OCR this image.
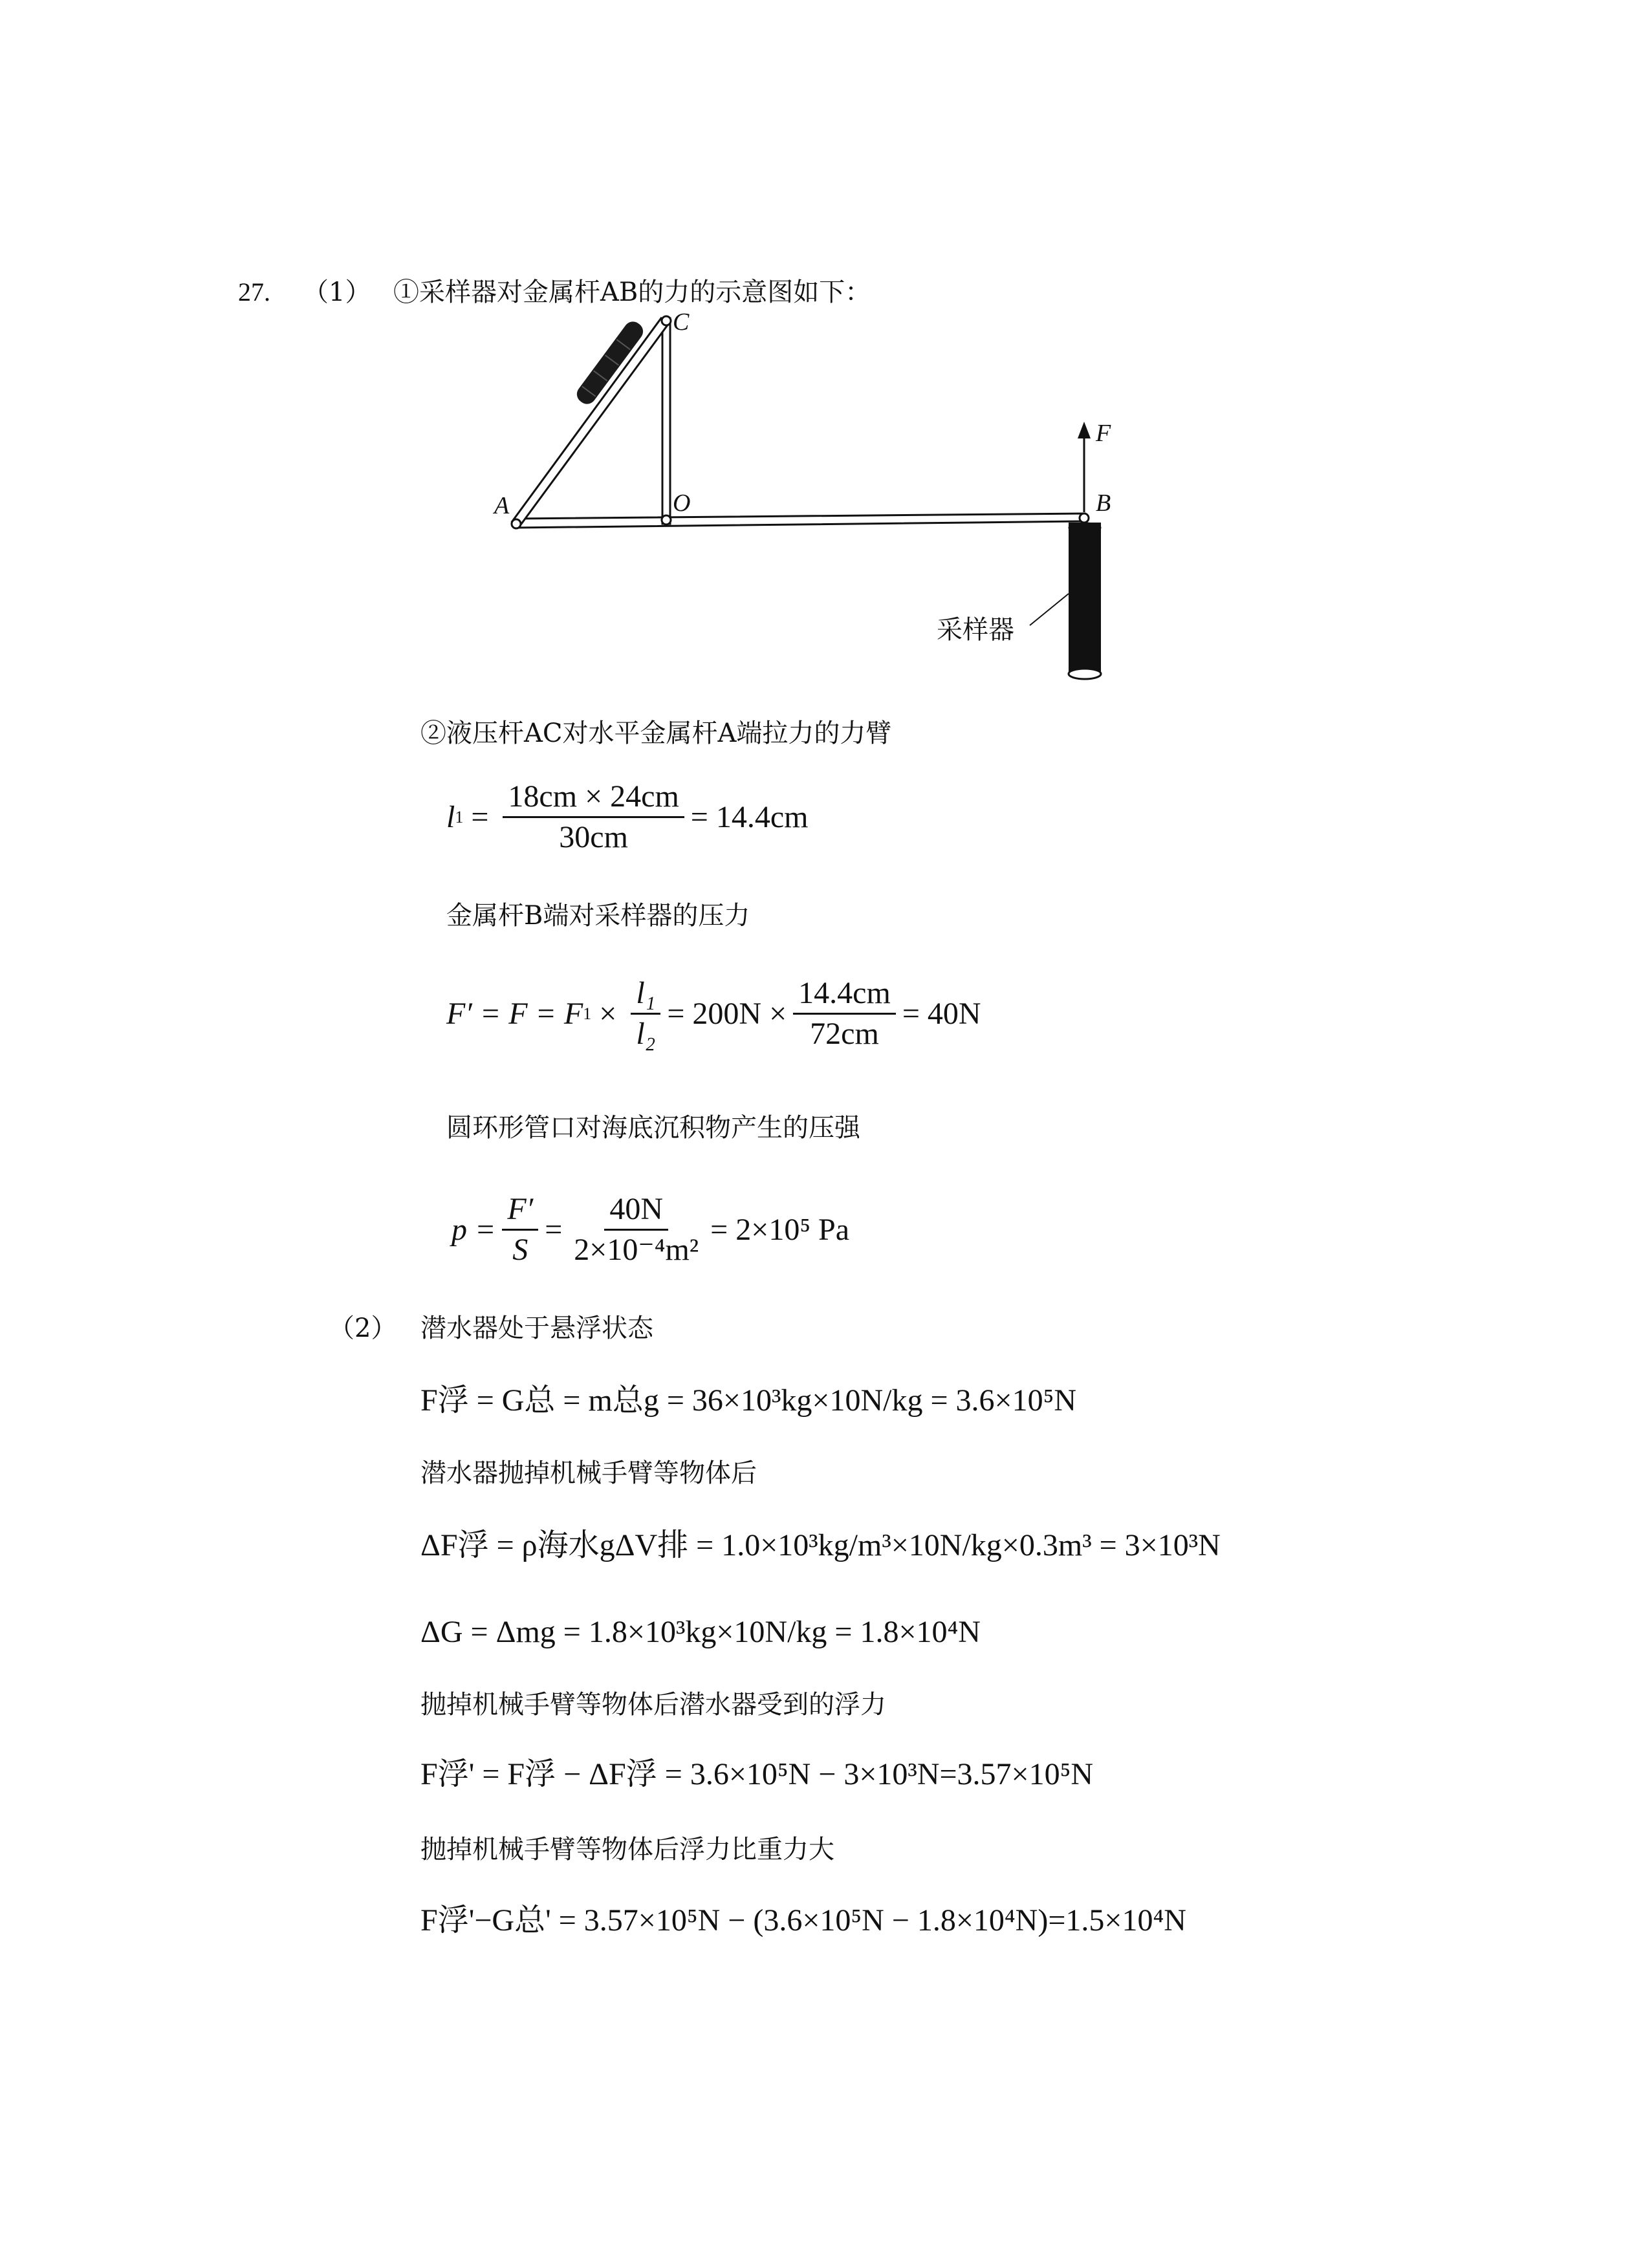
27. （1） ①采样器对金属杆AB的力的示意图如下：
C
A	O	B
F
采样器
②液压杆AC对水平金属杆A端拉力的力臂
l $1 = \frac{18cm \times 24cm}{30cm} = 14.4cm$
金属杆B端对采样器的压力
F′ = F = F $1 \times \frac{\text{l₁}}{\text{l₂}} = 200N \times \frac{14.4cm}{72cm} = 40N$
圆环形管口对海底沉积物产生的压强
$p = \frac{F'}{S} = \frac{40N}{\text{2×10⁻⁴m²}} = 2\times 10^5$ Pa
（2） 潜水器处于悬浮状态
F浮 = G总 = m总g = 36×10³kg×10N/kg = 3.6×10⁵N
潜水器抛掉机械手臂等物体后
ΔF浮 = ρ海水gΔV排 = 1.0×10³kg/m³×10N/kg×0.3m³ = 3×10³N
ΔG = Δmg = 1.8×10³kg×10N/kg = 1.8×10⁴N
抛掉机械手臂等物体后潜水器受到的浮力
F浮' = F浮 − ΔF浮 = 3.6×10⁵N − 3×10³N=3.57×10⁵N
抛掉机械手臂等物体后浮力比重力大
F浮'−G总' = 3.57×10⁵N − (3.6×10⁵N − 1.8×10⁴N)=1.5×10⁴N
